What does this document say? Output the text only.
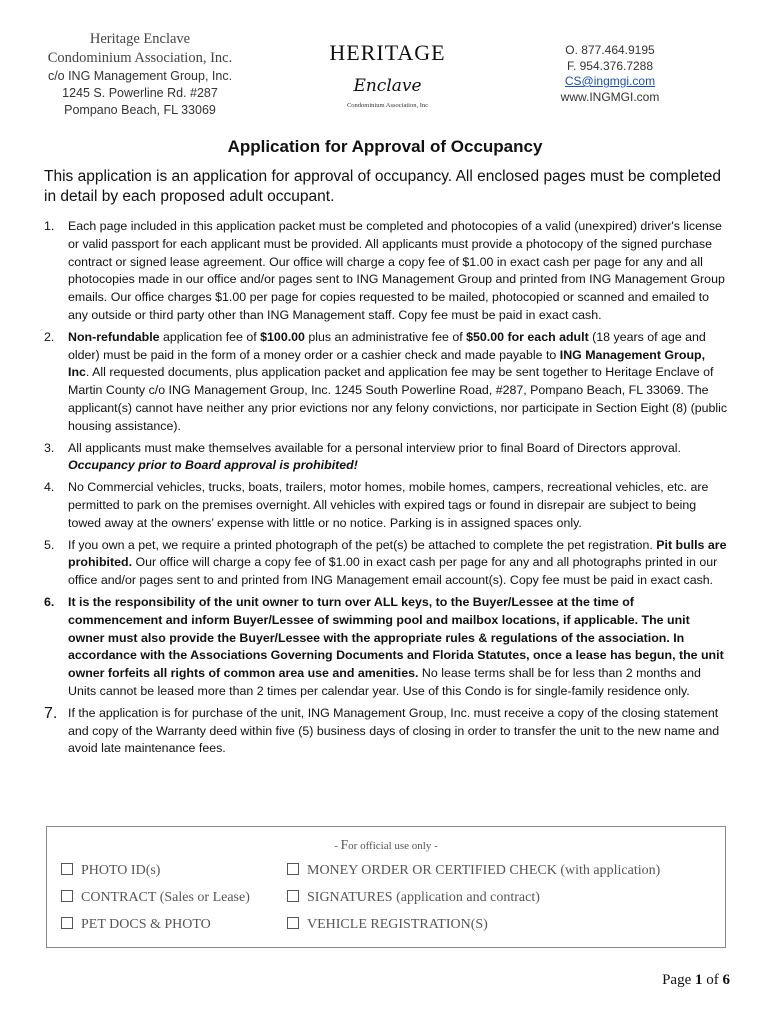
Heritage Enclave
Condominium Association, Inc.
c/o ING Management Group, Inc.
1245 S. Powerline Rd. #287
Pompano Beach, FL 33069
HERITAGE
Enclave
Condominium Association, Inc
O. 877.464.9195
F. 954.376.7288
CS@ingmgi.com
www.INGMGI.com
Application for Approval of Occupancy
This application is an application for approval of occupancy. All enclosed pages must be completed in detail by each proposed adult occupant.
1. Each page included in this application packet must be completed and photocopies of a valid (unexpired) driver's license or valid passport for each applicant must be provided. All applicants must provide a photocopy of the signed purchase contract or signed lease agreement. Our office will charge a copy fee of $1.00 in exact cash per page for any and all photocopies made in our office and/or pages sent to ING Management Group and printed from ING Management Group emails. Our office charges $1.00 per page for copies requested to be mailed, photocopied or scanned and emailed to any outside or third party other than ING Management staff. Copy fee must be paid in exact cash.

2. Non-refundable application fee of $100.00 plus an administrative fee of $50.00 for each adult (18 years of age and older) must be paid in the form of a money order or a cashier check and made payable to ING Management Group, Inc. All requested documents, plus application packet and application fee may be sent together to Heritage Enclave of Martin County c/o ING Management Group, Inc. 1245 South Powerline Road, #287, Pompano Beach, FL 33069. The applicant(s) cannot have neither any prior evictions nor any felony convictions, nor participate in Section Eight (8) (public housing assistance).

3. All applicants must make themselves available for a personal interview prior to final Board of Directors approval.
Occupancy prior to Board approval is prohibited!

4. No Commercial vehicles, trucks, boats, trailers, motor homes, mobile homes, campers, recreational vehicles, etc. are permitted to park on the premises overnight. All vehicles with expired tags or found in disrepair are subject to being towed away at the owners’ expense with little or no notice. Parking is in assigned spaces only.

5. If you own a pet, we require a printed photograph of the pet(s) be attached to complete the pet registration. Pit bulls are prohibited. Our office will charge a copy fee of $1.00 in exact cash per page for any and all photographs printed in our office and/or pages sent to and printed from ING Management email account(s). Copy fee must be paid in exact cash.

6. It is the responsibility of the unit owner to turn over ALL keys, to the Buyer/Lessee at the time of commencement and inform Buyer/Lessee of swimming pool and mailbox locations, if applicable. The unit owner must also provide the Buyer/Lessee with the appropriate rules & regulations of the association. In accordance with the Associations Governing Documents and Florida Statutes, once a lease has begun, the unit owner forfeits all rights of common area use and amenities. No lease terms shall be for less than 2 months and Units cannot be leased more than 2 times per calendar year. Use of this Condo is for single-family residence only.

7. If the application is for purchase of the unit, ING Management Group, Inc. must receive a copy of the closing statement and copy of the Warranty deed within five (5) business days of closing in order to transfer the unit to the new name and avoid late maintenance fees.

- For official use only -
PHOTO ID(s)	MONEY ORDER OR CERTIFIED CHECK (with application)
CONTRACT (Sales or Lease)	SIGNATURES (application and contract)
PET DOCS & PHOTO	VEHICLE REGISTRATION(S)
Page 1 of 6
